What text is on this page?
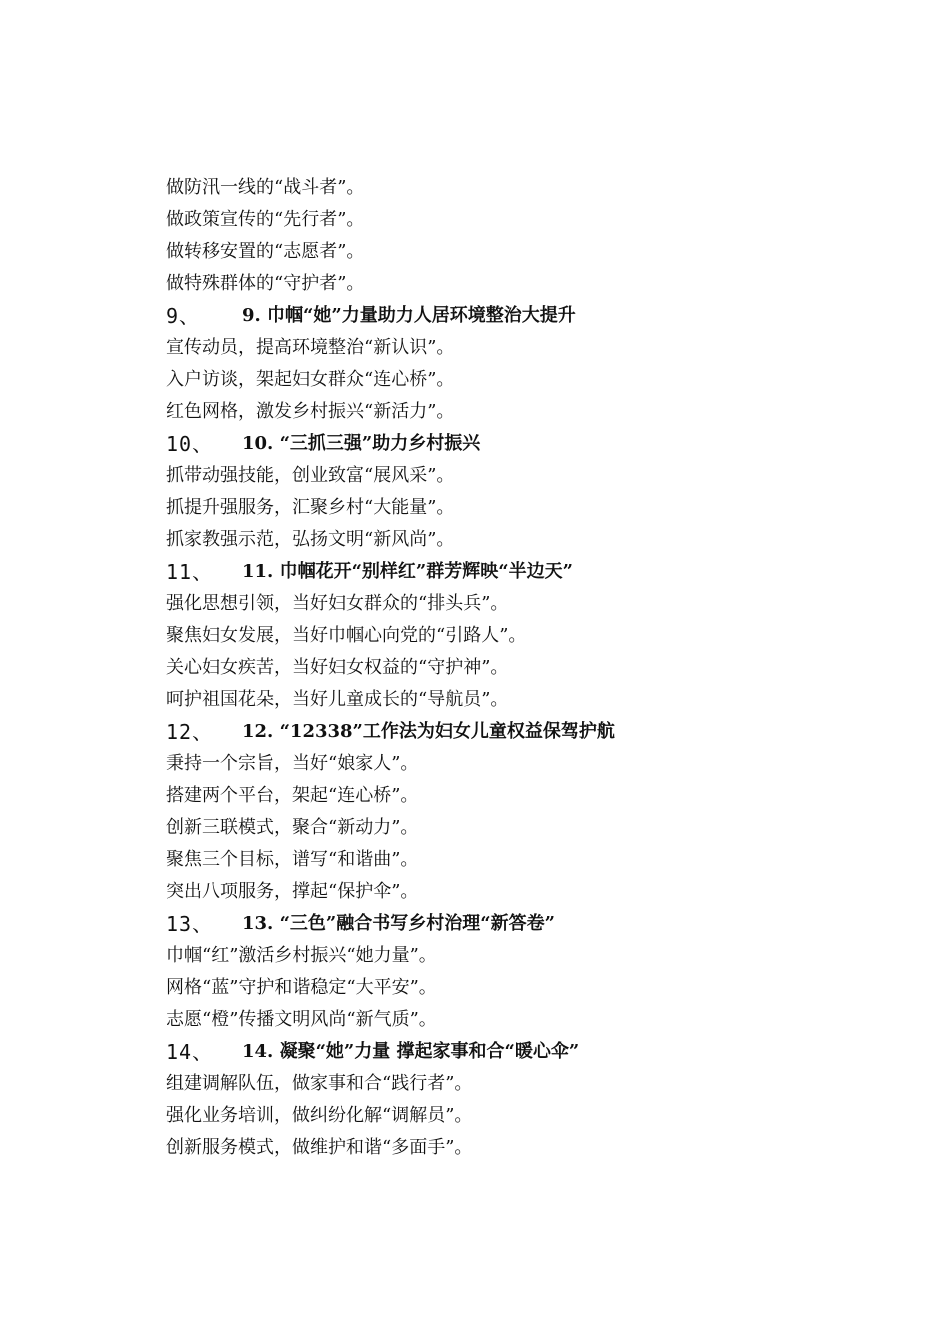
做防汛一线的“战斗者”。
做政策宣传的“先行者”。
做转移安置的“志愿者”。
做特殊群体的“守护者”。
9、	9. 巾帼“她”力量助力人居环境整治大提升
宣传动员，提高环境整治“新认识”。
入户访谈，架起妇女群众“连心桥”。
红色网格，激发乡村振兴“新活力”。
10、	10. “三抓三强”助力乡村振兴
抓带动强技能，创业致富“展风采”。
抓提升强服务，汇聚乡村“大能量”。
抓家教强示范，弘扬文明“新风尚”。
11、	11. 巾帼花开“别样红”群芳辉映“半边天”
强化思想引领，当好妇女群众的“排头兵”。
聚焦妇女发展，当好巾帼心向党的“引路人”。
关心妇女疾苦，当好妇女权益的“守护神”。
呵护祖国花朵，当好儿童成长的“导航员”。
12、	12. “12338”工作法为妇女儿童权益保驾护航
秉持一个宗旨，当好“娘家人”。
搭建两个平台，架起“连心桥”。
创新三联模式，聚合“新动力”。
聚焦三个目标，谱写“和谐曲”。
突出八项服务，撑起“保护伞”。
13、	13. “三色”融合书写乡村治理“新答卷”
巾帼“红”激活乡村振兴“她力量”。
网格“蓝”守护和谐稳定“大平安”。
志愿“橙”传播文明风尚“新气质”。
14、	14. 凝聚“她”力量 撑起家事和合“暖心伞”
组建调解队伍，做家事和合“践行者”。
强化业务培训，做纠纷化解“调解员”。
创新服务模式，做维护和谐“多面手”。
